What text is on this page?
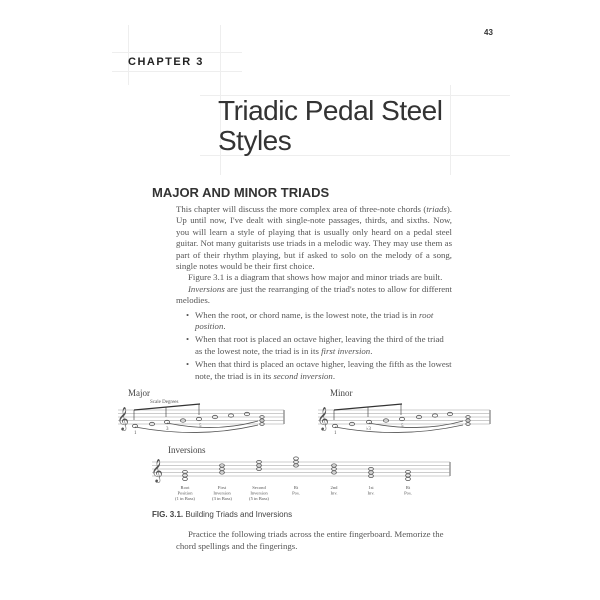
43
CHAPTER 3
Triadic Pedal Steel
Styles
MAJOR AND MINOR TRIADS

This chapter will discuss the more complex area of three-note chords (triads). Up until now, I've dealt with single-note passages, thirds, and sixths. Now, you will learn a style of playing that is usually only heard on a pedal steel guitar. Not many guitarists use triads in a melodic way. They may use them as part of their rhythm playing, but if asked to solo on the melody of a song, single notes would be their first choice.

Figure 3.1 is a diagram that shows how major and minor triads are built.

Inversions are just the rearranging of the triad's notes to allow for different melodies.

• When the root, or chord name, is the lowest note, the triad is in root position.
• When that root is placed an octave higher, leaving the third of the triad as the lowest note, the triad is in its first inversion.
• When that third is placed an octave higher, leaving the fifth as the lowest note, the triad is in its second inversion.
Major	Minor
Inversions
𝄞	𝄞
𝄞
Scale Degrees
1
3
5
1
♭3
5
Root
Position
(1 in Bass)
First
Inversion
(3 in Bass)
Second
Inversion
(5 in Bass)
Rt
Pos.
2nd
Inv.
1st
Inv.
Rt
Pos.
FIG. 3.1. Building Triads and Inversions

Practice the following triads across the entire fingerboard. Memorize the chord spellings and the fingerings.
